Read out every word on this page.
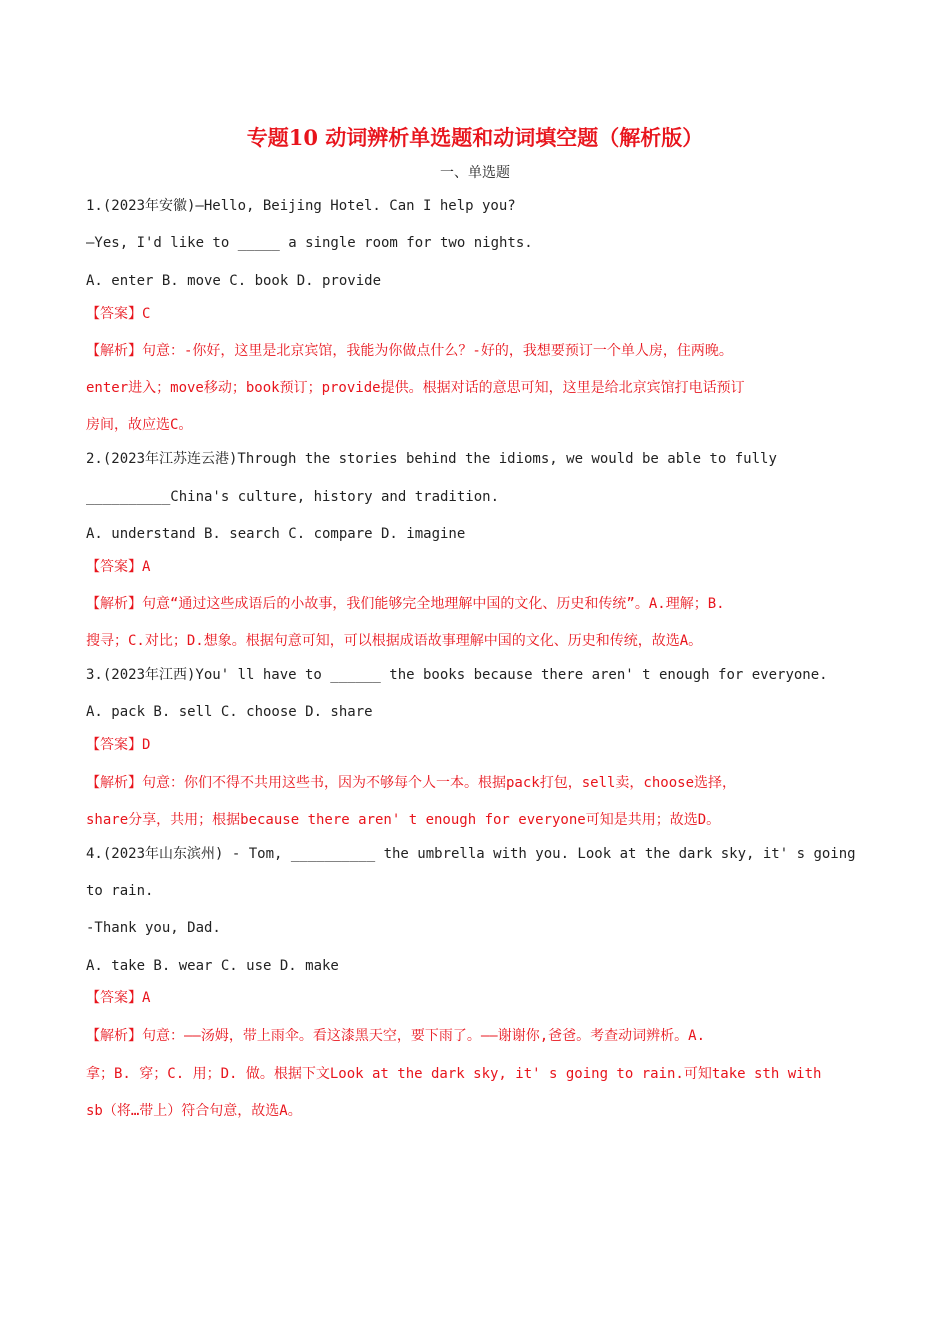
专题10 动词辨析单选题和动词填空题（解析版）
一、单选题
1.(2023年安徽)—Hello, Beijing Hotel. Can I help you?
—Yes, I'd like to _____ a single room for two nights.
A. enter B. move C. book D. provide
【答案】C
【解析】句意：-你好，这里是北京宾馆，我能为你做点什么？-好的，我想要预订一个单人房，住两晚。
enter进入；move移动；book预订；provide提供。根据对话的意思可知，这里是给北京宾馆打电话预订
房间，故应选C。
2.(2023年江苏连云港)Through the stories behind the idioms, we would be able to fully
__________China's culture, history and tradition.
A. understand B. search C. compare D. imagine
【答案】A
【解析】句意“通过这些成语后的小故事，我们能够完全地理解中国的文化、历史和传统”。A.理解；B.
搜寻；C.对比；D.想象。根据句意可知，可以根据成语故事理解中国的文化、历史和传统，故选A。
3.(2023年江西)You' ll have to ______ the books because there aren' t enough for everyone.
A. pack B. sell C. choose D. share
【答案】D
【解析】句意：你们不得不共用这些书，因为不够每个人一本。根据pack打包，sell卖，choose选择，
share分享，共用；根据because there aren' t enough for everyone可知是共用；故选D。
4.(2023年山东滨州) - Tom, __________ the umbrella with you. Look at the dark sky, it' s going
to rain.
-Thank you, Dad.
A. take B. wear C. use D. make
【答案】A
【解析】句意：——汤姆，带上雨伞。看这漆黑天空，要下雨了。——谢谢你,爸爸。考查动词辨析。A.
拿；B. 穿；C. 用；D. 做。根据下文Look at the dark sky, it' s going to rain.可知take sth with
sb（将…带上）符合句意，故选A。
